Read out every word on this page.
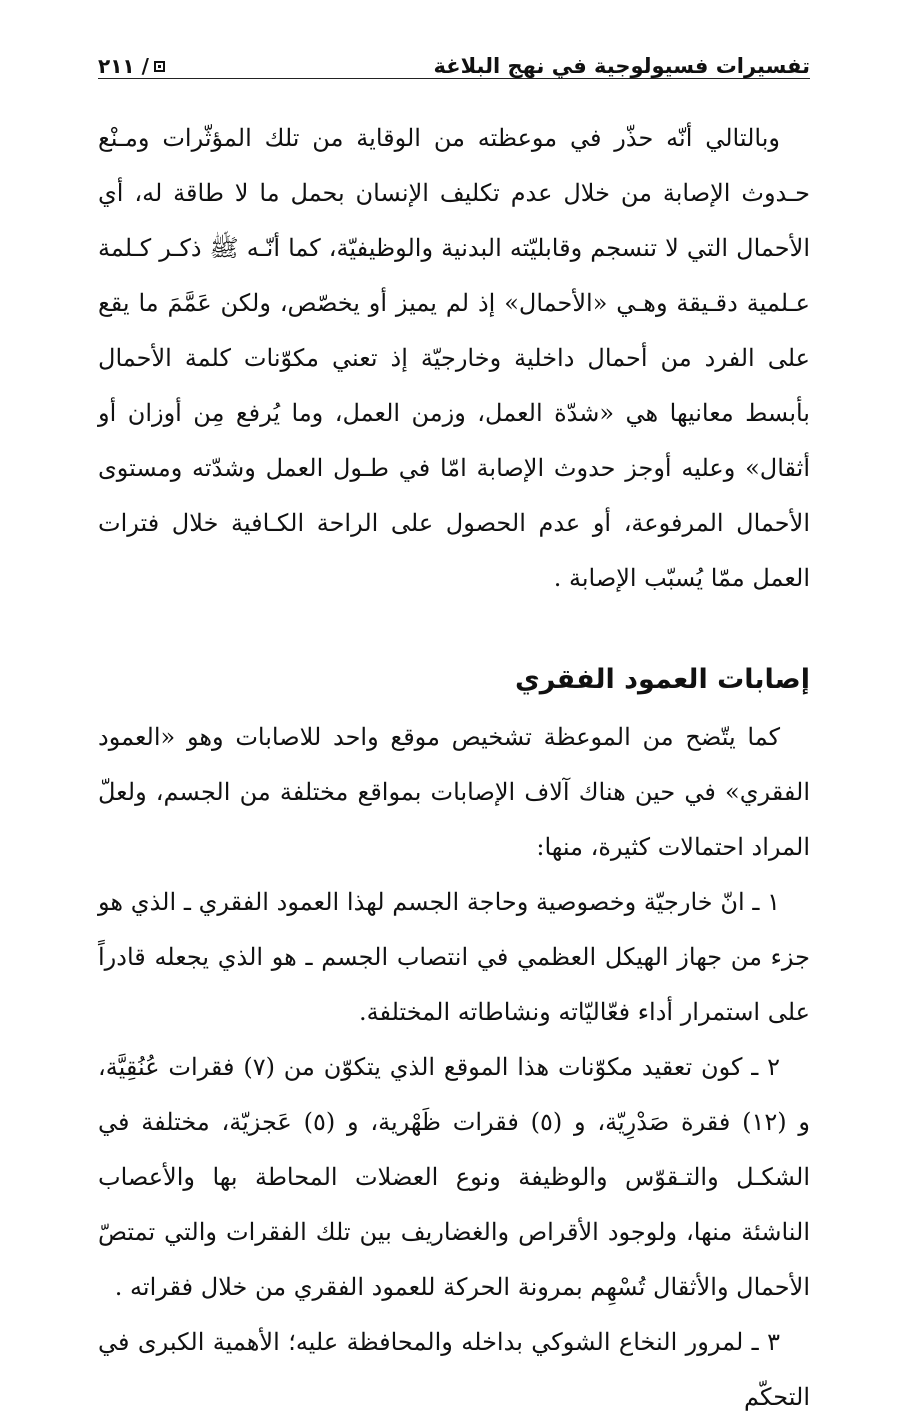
تفسيرات فسيولوجية في نهج البلاغة
٢١١ /

وبالتالي أنّه حذّر في موعظته من الوقاية من تلك المؤثّرات ومـنْع حـدوث الإصابة من خلال عدم تكليف الإنسان بحمل ما لا طاقة له، أي الأحمال التي لا تنسجم وقابليّته البدنية والوظيفيّة، كما أنّـه ﷺ ذكـر كـلمة عـلمية دقـيقة وهـي «الأحمال» إذ لم يميز أو يخصّص، ولكن عَمَّمَ ما يقع على الفرد من أحمال داخلية وخارجيّة إذ تعني مكوّنات كلمة الأحمال بأبسط معانيها هي «شدّة العمل، وزمن العمل، وما يُرفع مِن أوزان أو أثقال» وعليه أوجز حدوث الإصابة امّا في طـول العمل وشدّته ومستوى الأحمال المرفوعة، أو عدم الحصول على الراحة الكـافية خلال فترات العمل ممّا يُسبّب الإصابة .

إصابات العمود الفقري

كما يتّضح من الموعظة تشخيص موقع واحد للاصابات وهو «العمود الفقري» في حين هناك آلاف الإصابات بمواقع مختلفة من الجسم، ولعلّ المراد احتمالات كثيرة، منها:

١ ـ انّ خارجيّة وخصوصية وحاجة الجسم لهذا العمود الفقري ـ الذي هو جزء من جهاز الهيكل العظمي في انتصاب الجسم ـ هو الذي يجعله قادراً على استمرار أداء فعّاليّاته ونشاطاته المختلفة.

٢ ـ كون تعقيد مكوّنات هذا الموقع الذي يتكوّن من (٧) فقرات عُنُقِيَّة، و (١٢) فقرة صَدْرِيّة، و (٥) فقرات ظَهْرية، و (٥) عَجزيّة، مختلفة في الشكـل والتـقوّس والوظيفة ونوع العضلات المحاطة بها والأعصاب الناشئة منها، ولوجود الأقراص والغضاريف بين تلك الفقرات والتي تمتصّ الأحمال والأثقال تُسْهِم بمرونة الحركة للعمود الفقري من خلال فقراته .

٣ ـ لمرور النخاع الشوكي بداخله والمحافظة عليه؛ الأهمية الكبرى في التحكّم
